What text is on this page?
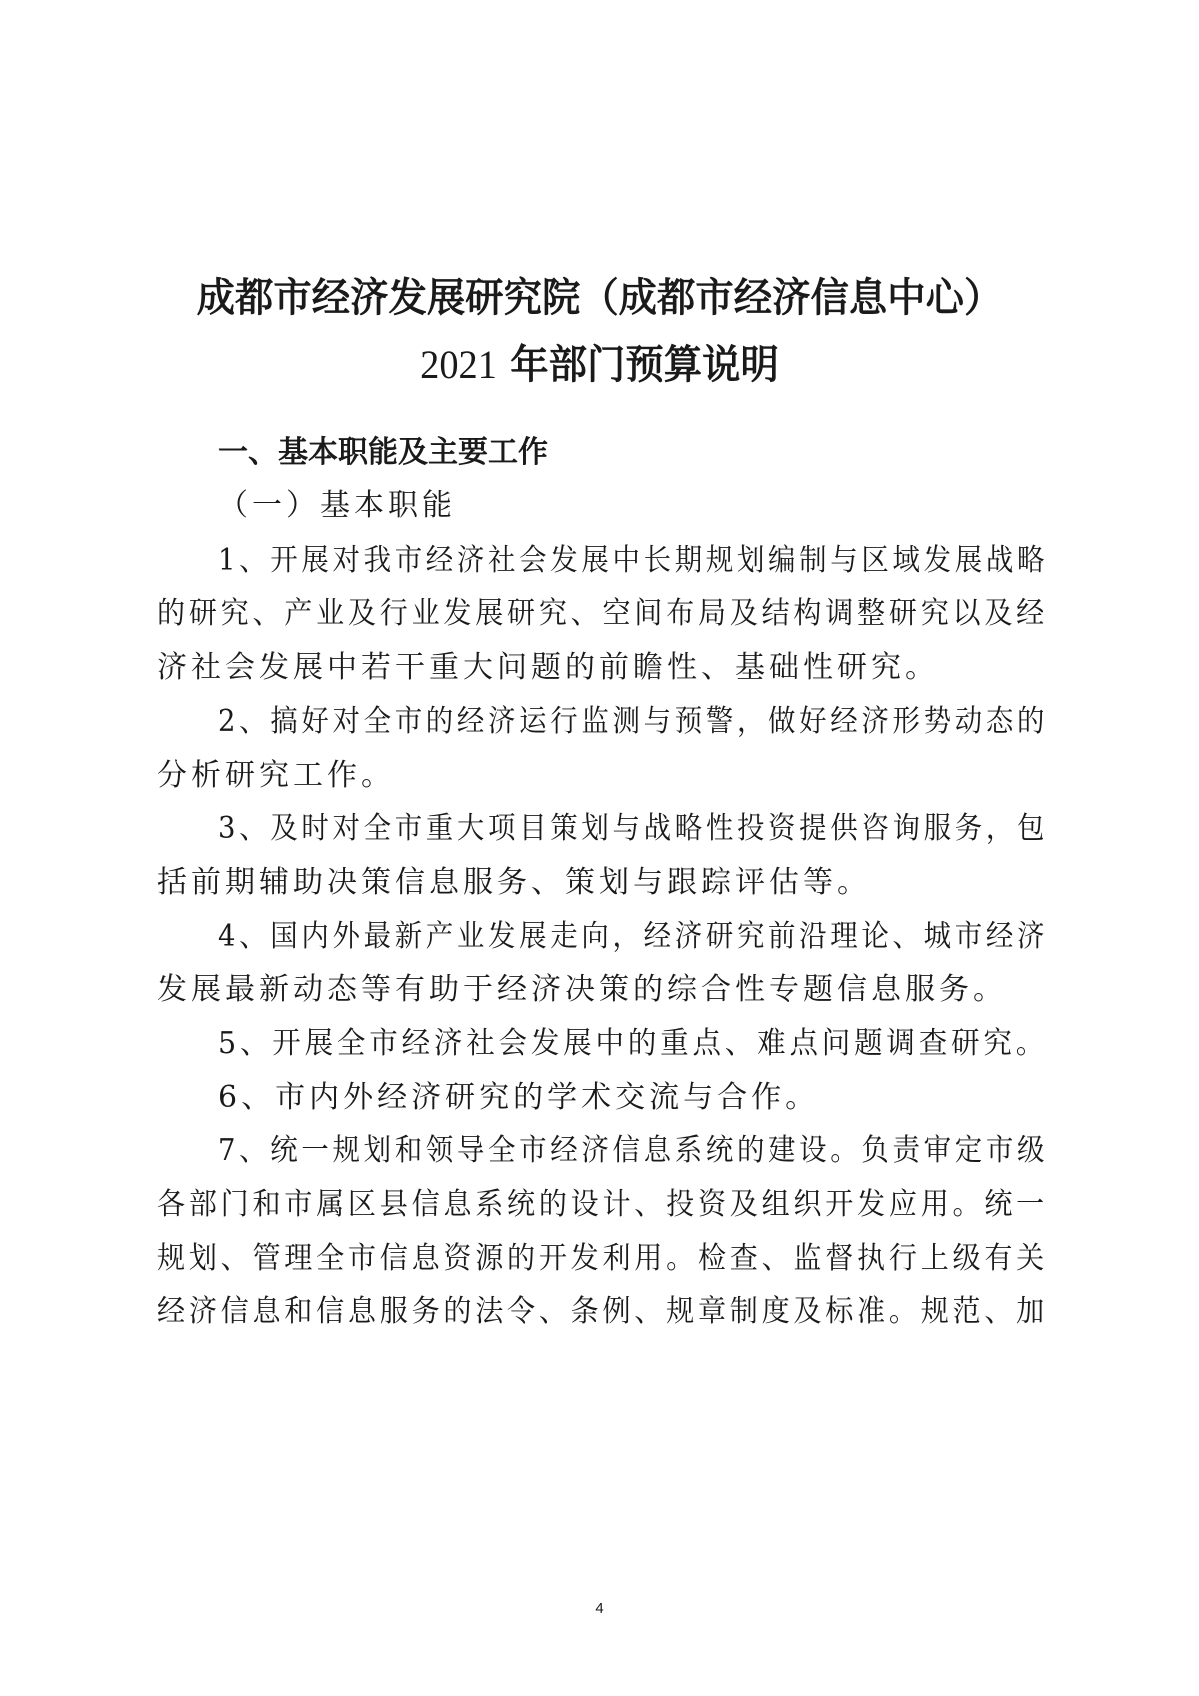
成都市经济发展研究院（成都市经济信息中心）
2021 年部门预算说明
一、基本职能及主要工作
（一）基本职能
1、开展对我市经济社会发展中长期规划编制与区域发展战略
的研究、产业及行业发展研究、空间布局及结构调整研究以及经
济社会发展中若干重大问题的前瞻性、基础性研究。
2、搞好对全市的经济运行监测与预警，做好经济形势动态的
分析研究工作。
3、及时对全市重大项目策划与战略性投资提供咨询服务，包
括前期辅助决策信息服务、策划与跟踪评估等。
4、国内外最新产业发展走向，经济研究前沿理论、城市经济
发展最新动态等有助于经济决策的综合性专题信息服务。
5、开展全市经济社会发展中的重点、难点问题调查研究。
6、市内外经济研究的学术交流与合作。
7、统一规划和领导全市经济信息系统的建设。负责审定市级
各部门和市属区县信息系统的设计、投资及组织开发应用。统一
规划、管理全市信息资源的开发利用。检查、监督执行上级有关
经济信息和信息服务的法令、条例、规章制度及标准。规范、加
4
